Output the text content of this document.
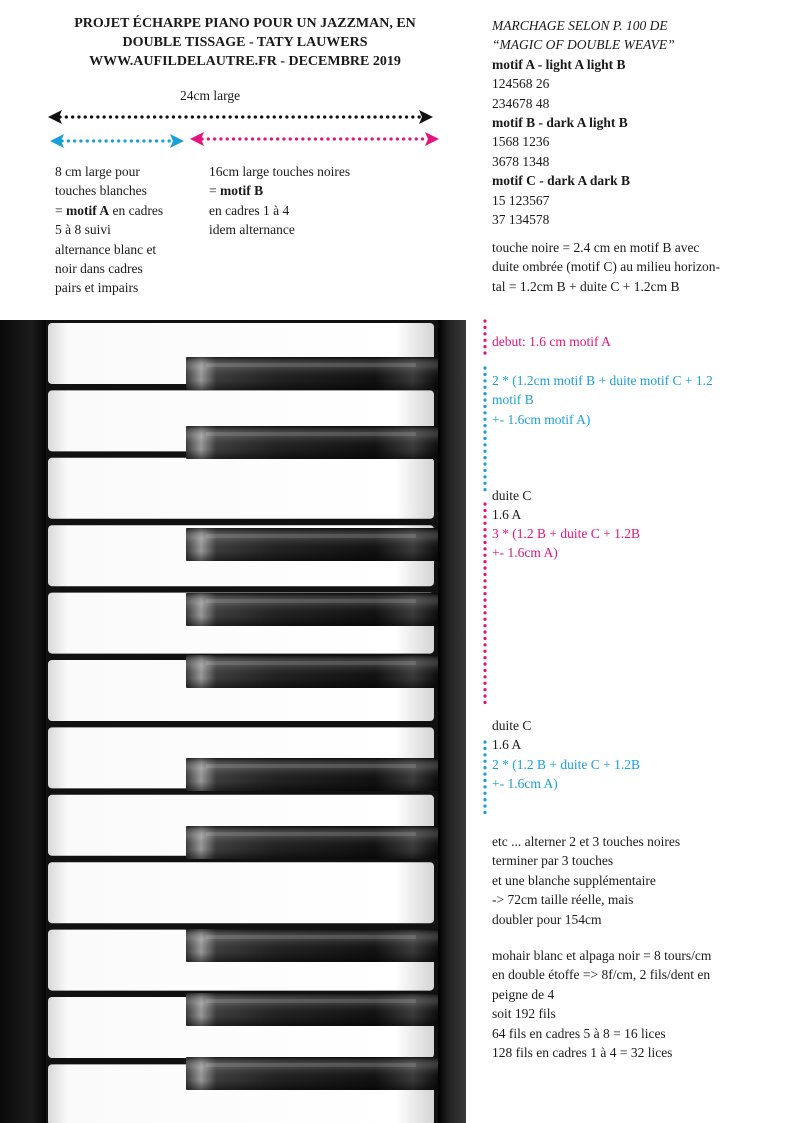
PROJET ÉCHARPE PIANO POUR UN JAZZMAN, EN
DOUBLE TISSAGE - TATY LAUWERS
WWW.AUFILDELAUTRE.FR - DECEMBRE 2019
24cm large
8 cm large pour
touches blanches
= motif A en cadres
5 à 8 suivi
alternance blanc et
noir dans cadres
pairs et impairs
16cm large touches noires
= motif B
en cadres 1 à 4
idem alternance
MARCHAGE SELON P. 100 DE
“MAGIC OF DOUBLE WEAVE”
motif A - light A light B
124568 26
234678 48
motif B - dark A light B
1568 1236
3678 1348
motif C - dark A dark B
15 123567
37 134578
touche noire = 2.4 cm en motif B avec
duite ombrée (motif C) au milieu horizon-
tal = 1.2cm B + duite C + 1.2cm B
debut: 1.6 cm motif A
2 * (1.2cm motif B + duite motif C + 1.2
motif B
+- 1.6cm motif A)
duite C
1.6 A
3 * (1.2 B + duite C + 1.2B
+- 1.6cm A)
duite C
1.6 A
2 * (1.2 B + duite C + 1.2B
+- 1.6cm A)
etc ... alterner 2 et 3 touches noires
terminer par 3 touches
et une blanche supplémentaire
-> 72cm taille réelle, mais
doubler pour 154cm
mohair blanc et alpaga noir = 8 tours/cm
en double étoffe => 8f/cm, 2 fils/dent en
peigne de 4
soit 192 fils
64 fils en cadres 5 à 8 = 16 lices
128 fils en cadres 1 à 4 = 32 lices
